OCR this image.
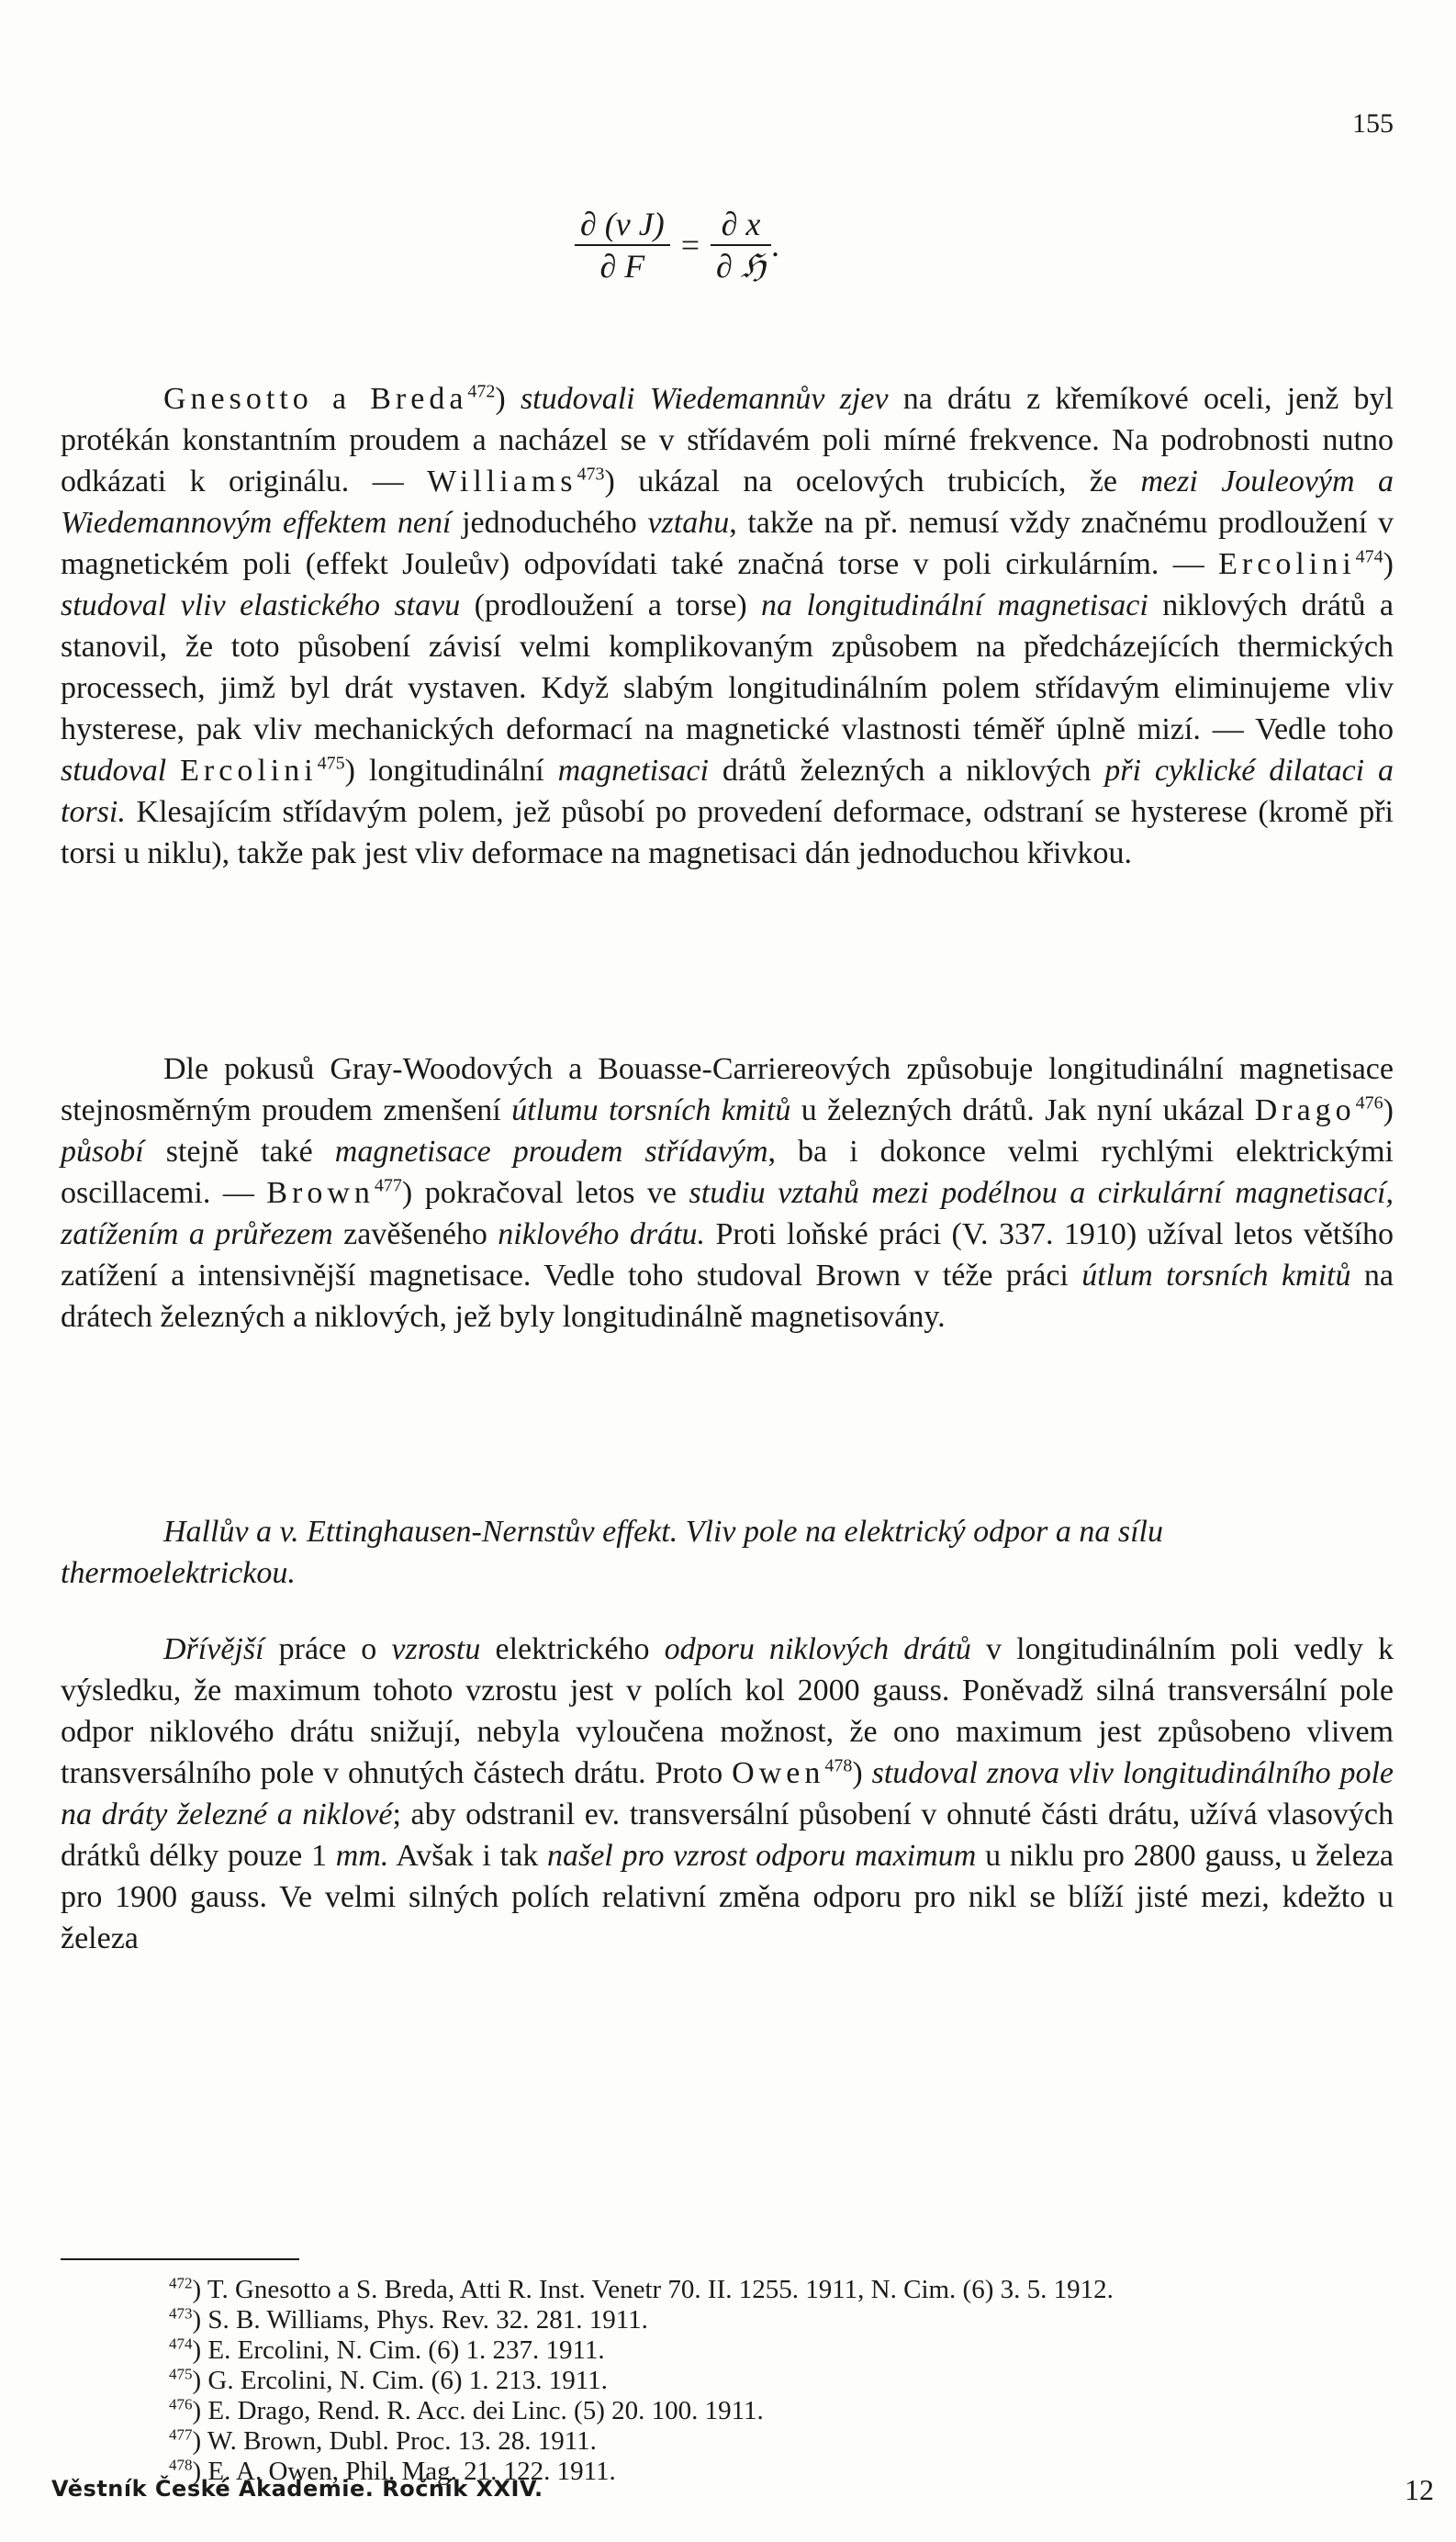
155
$\frac{\text{∂ (v J)}}{\partial F} = \frac{\partial x}{\text{∂ ℌ}}$ .
Gnesotto a Breda$^{472}$) studovali Wiedemannův zjev na drátu z křemíkové oceli, jenž byl protékán konstantním proudem a nacházel se v střídavém poli mírné frekvence. Na podrobnosti nutno odkázati k originálu. — Williams$^{473}$) ukázal na ocelových trubicích, že mezi Jouleovým a Wiedemannovým effektem není jednoduchého vztahu, takže na př. nemusí vždy značnému prodloužení v magnetickém poli (effekt Jouleův) odpovídati také značná torse v poli cirkulárním. — Ercolini$^{474}$) studoval vliv elastického stavu (prodloužení a torse) na longitudinální magnetisaci niklových drátů a stanovil, že toto působení závisí velmi komplikovaným způsobem na předcházejících thermických processech, jimž byl drát vystaven. Když slabým longitudinálním polem střídavým eliminujeme vliv hysterese, pak vliv mechanických deformací na magnetické vlastnosti téměř úplně mizí. — Vedle toho studoval Ercolini$^{475}$) longitudinální magnetisaci drátů železných a niklových při cyklické dilataci a torsi. Klesajícím střídavým polem, jež působí po provedení deformace, odstraní se hysterese (kromě při torsi u niklu), takže pak jest vliv deformace na magnetisaci dán jednoduchou křivkou.
Dle pokusů Gray-Woodových a Bouasse-Carriereových způsobuje longitudinální magnetisace stejnosměrným proudem zmenšení útlumu torsních kmitů u železných drátů. Jak nyní ukázal Drago$^{476}$) působí stejně také magnetisace proudem střídavým, ba i dokonce velmi rychlými elektrickými oscillacemi. — Brown$^{477}$) pokračoval letos ve studiu vztahů mezi podélnou a cirkulární magnetisací, zatížením a průřezem zavěšeného niklového drátu. Proti loňské práci (V. 337. 1910) užíval letos většího zatížení a intensivnější magnetisace. Vedle toho studoval Brown v téže práci útlum torsních kmitů na drátech železných a niklových, jež byly longitudinálně magnetisovány.
Hallův a v. Ettinghausen-Nernstův effekt. Vliv pole na elektrický odpor a na sílu thermoelektrickou.
Dřívější práce o vzrostu elektrického odporu niklových drátů v longitudinálním poli vedly k výsledku, že maximum tohoto vzrostu jest v polích kol 2000 gauss. Poněvadž silná transversální pole odpor niklového drátu snižují, nebyla vyloučena možnost, že ono maximum jest způsobeno vlivem transversálního pole v ohnutých částech drátu. Proto Owen$^{478}$) studoval znova vliv longitudinálního pole na dráty železné a niklové; aby odstranil ev. transversální působení v ohnuté části drátu, užívá vlasových drátků délky pouze 1 mm. Avšak i tak našel pro vzrost odporu maximum u niklu pro 2800 gauss, u železa pro 1900 gauss. Ve velmi silných polích relativní změna odporu pro nikl se blíží jisté mezi, kdežto u železa
$^{472}$) T. Gnesotto a S. Breda, Atti R. Inst. Venetr 70. II. 1255. 1911, N. Cim. (6) 3. 5. 1912.
$^{473}$) S. B. Williams, Phys. Rev. 32. 281. 1911.
$^{474}$) E. Ercolini, N. Cim. (6) 1. 237. 1911.
$^{475}$) G. Ercolini, N. Cim. (6) 1. 213. 1911.
$^{476}$) E. Drago, Rend. R. Acc. dei Linc. (5) 20. 100. 1911.
$^{477}$) W. Brown, Dubl. Proc. 13. 28. 1911.
$^{478}$) E. A. Owen, Phil. Mag. 21. 122. 1911.
Věstník České Akademie. Ročník XXIV.	12
